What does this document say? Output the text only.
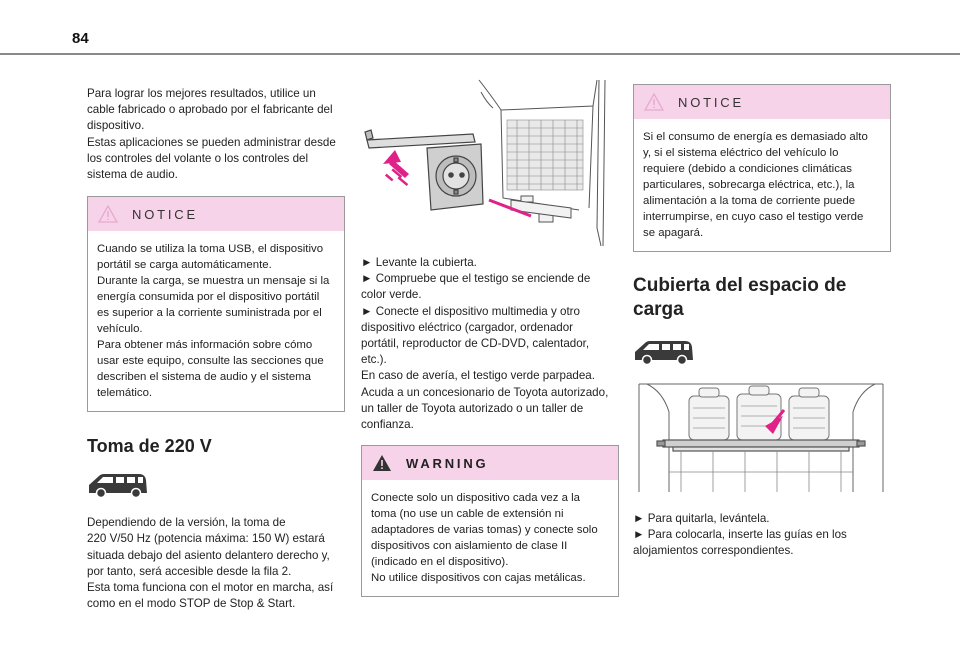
84

Para lograr los mejores resultados, utilice un
cable fabricado o aprobado por el fabricante del
dispositivo.
Estas aplicaciones se pueden administrar desde
los controles del volante o los controles del
sistema de audio.

NOTICE
Cuando se utiliza la toma USB, el dispositivo
portátil se carga automáticamente.
Durante la carga, se muestra un mensaje si la
energía consumida por el dispositivo portátil
es superior a la corriente suministrada por el
vehículo.
Para obtener más información sobre cómo
usar este equipo, consulte las secciones que
describen el sistema de audio y el sistema
telemático.
Toma de 220 V

Dependiendo de la versión, la toma de
220 V/50 Hz (potencia máxima: 150 W) estará
situada debajo del asiento delantero derecho y,
por tanto, será accesible desde la fila 2.
Esta toma funciona con el motor en marcha, así
como en el modo STOP de Stop & Start.

► Levante la cubierta.
► Compruebe que el testigo se enciende de
color verde.
► Conecte el dispositivo multimedia y otro
dispositivo eléctrico (cargador, ordenador
portátil, reproductor de CD-DVD, calentador,
etc.).
En caso de avería, el testigo verde parpadea.
Acuda a un concesionario de Toyota autorizado,
un taller de Toyota autorizado o un taller de
confianza.

WARNING
Conecte solo un dispositivo cada vez a la
toma (no use un cable de extensión ni
adaptadores de varias tomas) y conecte solo
dispositivos con aislamiento de clase II
(indicado en el dispositivo).
No utilice dispositivos con cajas metálicas.
NOTICE
Si el consumo de energía es demasiado alto
y, si el sistema eléctrico del vehículo lo
requiere (debido a condiciones climáticas
particulares, sobrecarga eléctrica, etc.), la
alimentación a la toma de corriente puede
interrumpirse, en cuyo caso el testigo verde
se apagará.
Cubierta del espacio de
carga

► Para quitarla, levántela.
► Para colocarla, inserte las guías en los
alojamientos correspondientes.
